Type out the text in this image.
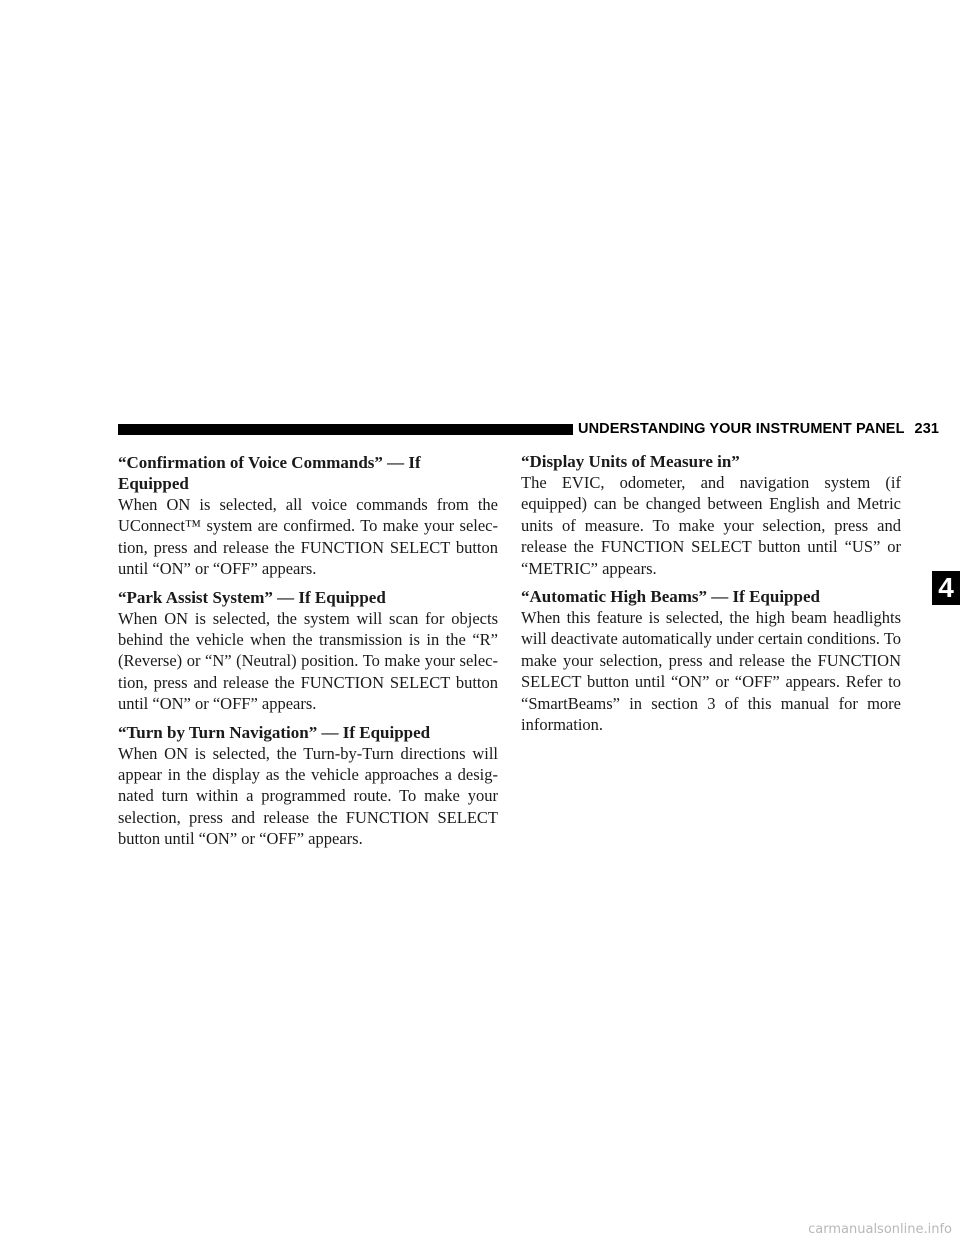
UNDERSTANDING YOUR INSTRUMENT PANEL 231

“Confirmation of Voice Commands” — If Equipped

When ON is selected, all voice commands from the UConnect™ system are confirmed. To make your selec-tion, press and release the FUNCTION SELECT button until “ON” or “OFF” appears.

“Park Assist System” — If Equipped

When ON is selected, the system will scan for objects behind the vehicle when the transmission is in the “R” (Reverse) or “N” (Neutral) position. To make your selec-tion, press and release the FUNCTION SELECT button until “ON” or “OFF” appears.

“Turn by Turn Navigation” — If Equipped

When ON is selected, the Turn-by-Turn directions will appear in the display as the vehicle approaches a desig-nated turn within a programmed route. To make your selection, press and release the FUNCTION SELECT button until “ON” or “OFF” appears.

“Display Units of Measure in”

The EVIC, odometer, and navigation system (if equipped) can be changed between English and Metric units of measure. To make your selection, press and release the FUNCTION SELECT button until “US” or “METRIC” appears.

“Automatic High Beams” — If Equipped

When this feature is selected, the high beam headlights will deactivate automatically under certain conditions. To make your selection, press and release the FUNCTION SELECT button until “ON” or “OFF” appears. Refer to “SmartBeams” in section 3 of this manual for more information.

4
carmanualsonline.info
